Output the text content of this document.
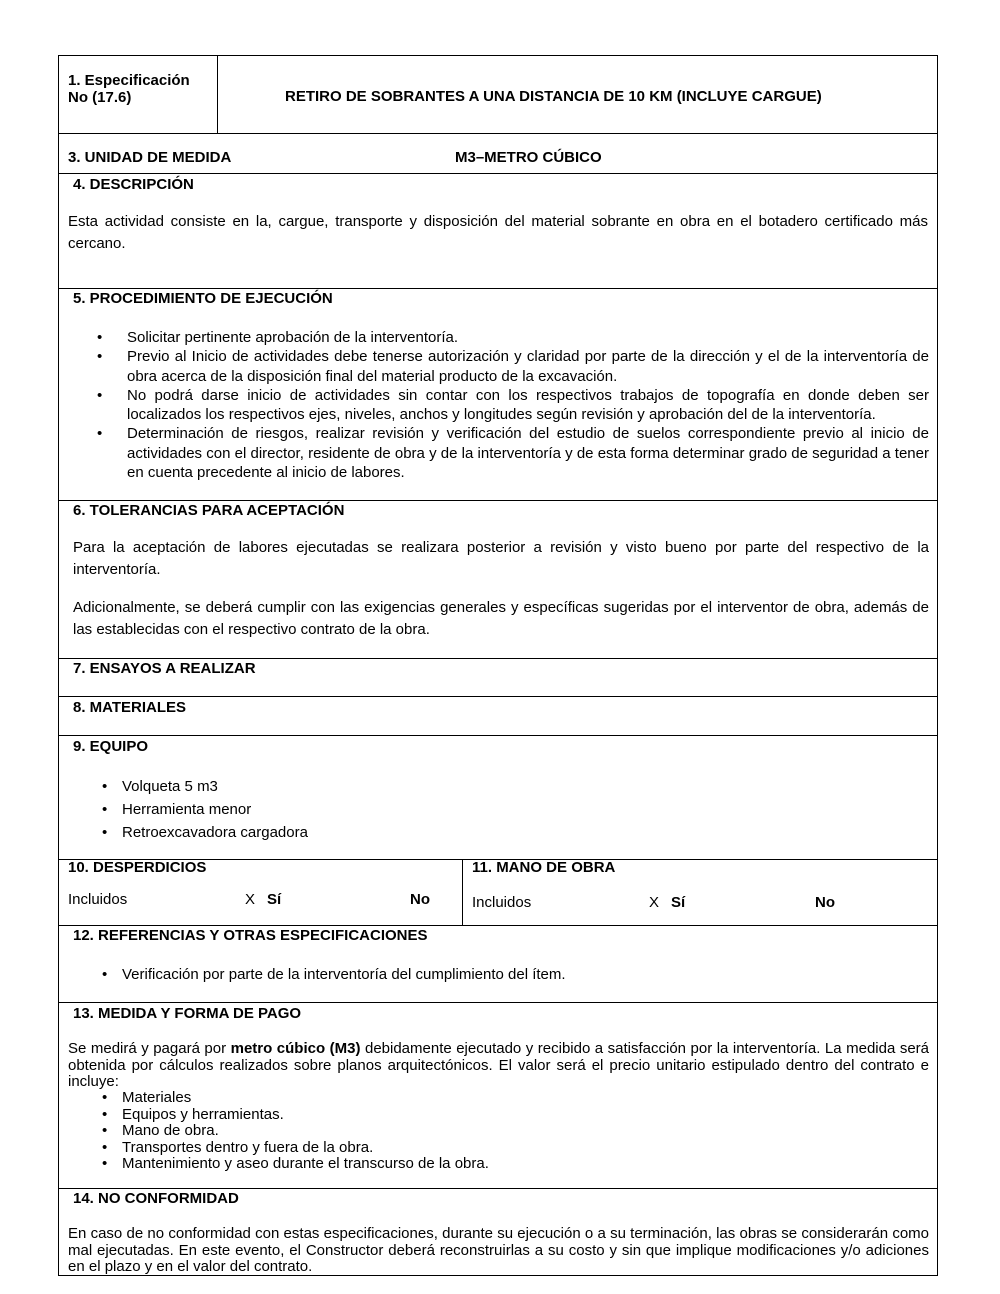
1. Especificación
No (17.6)	RETIRO DE SOBRANTES A UNA DISTANCIA DE 10 KM (INCLUYE CARGUE)
3. UNIDAD DE MEDIDA	M3–METRO CÚBICO
4. DESCRIPCIÓN
Esta actividad consiste en la, cargue, transporte y disposición del material sobrante en obra en el botadero certificado más cercano.
5. PROCEDIMIENTO DE EJECUCIÓN
• Solicitar pertinente aprobación de la interventoría.
• Previo al Inicio de actividades debe tenerse autorización y claridad por parte de la dirección y el de la interventoría de obra acerca de la disposición final del material producto de la excavación.
• No podrá darse inicio de actividades sin contar con los respectivos trabajos de topografía en donde deben ser localizados los respectivos ejes, niveles, anchos y longitudes según revisión y aprobación del de la interventoría.
• Determinación de riesgos, realizar revisión y verificación del estudio de suelos correspondiente previo al inicio de actividades con el director, residente de obra y de la interventoría y de esta forma determinar grado de seguridad a tener en cuenta precedente al inicio de labores.
6. TOLERANCIAS PARA ACEPTACIÓN
Para la aceptación de labores ejecutadas se realizara posterior a revisión y visto bueno por parte del respectivo de la interventoría.
Adicionalmente, se deberá cumplir con las exigencias generales y específicas sugeridas por el interventor de obra, además de las establecidas con el respectivo contrato de la obra.
7. ENSAYOS A REALIZAR
8. MATERIALES
9. EQUIPO
• Volqueta 5 m3
• Herramienta menor
• Retroexcavadora cargadora
10. DESPERDICIOS
Incluidos	X Sí	No
11. MANO DE OBRA
Incluidos	X Sí	No
12. REFERENCIAS Y OTRAS ESPECIFICACIONES
• Verificación por parte de la interventoría del cumplimiento del ítem.
13. MEDIDA Y FORMA DE PAGO
Se medirá y pagará por metro cúbico (M3) debidamente ejecutado y recibido a satisfacción por la interventoría. La medida será obtenida por cálculos realizados sobre planos arquitectónicos. El valor será el precio unitario estipulado dentro del contrato e incluye:
• Materiales
• Equipos y herramientas.
• Mano de obra.
• Transportes dentro y fuera de la obra.
• Mantenimiento y aseo durante el transcurso de la obra.
14. NO CONFORMIDAD
En caso de no conformidad con estas especificaciones, durante su ejecución o a su terminación, las obras se considerarán como mal ejecutadas. En este evento, el Constructor deberá reconstruirlas a su costo y sin que implique modificaciones y/o adiciones en el plazo y en el valor del contrato.
